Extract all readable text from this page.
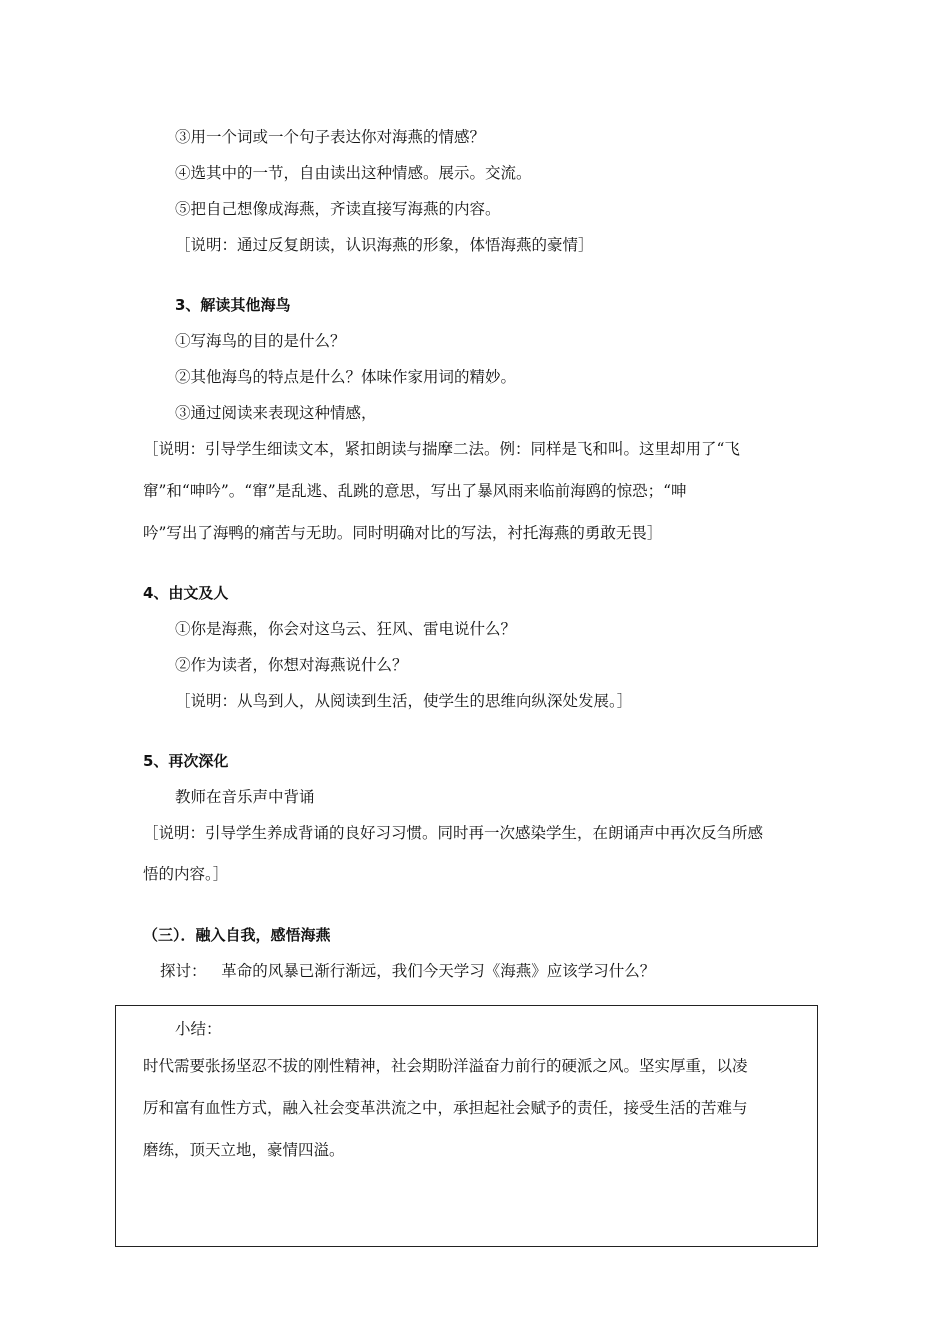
③用一个词或一个句子表达你对海燕的情感？
④选其中的一节，自由读出这种情感。展示。交流。
⑤把自己想像成海燕，齐读直接写海燕的内容。
［说明：通过反复朗读，认识海燕的形象，体悟海燕的豪情］
3、解读其他海鸟
①写海鸟的目的是什么？
②其他海鸟的特点是什么？体味作家用词的精妙。
③通过阅读来表现这种情感，
［说明：引导学生细读文本，紧扣朗读与揣摩二法。例：同样是飞和叫。这里却用了“飞
窜”和“呻吟”。“窜”是乱逃、乱跳的意思，写出了暴风雨来临前海鸥的惊恐；“呻
吟”写出了海鸭的痛苦与无助。同时明确对比的写法，衬托海燕的勇敢无畏］
4、由文及人
①你是海燕，你会对这乌云、狂风、雷电说什么？
②作为读者，你想对海燕说什么？
［说明：从鸟到人，从阅读到生活，使学生的思维向纵深处发展。］
5、再次深化
教师在音乐声中背诵
［说明：引导学生养成背诵的良好习习惯。同时再一次感染学生，在朗诵声中再次反刍所感
悟的内容。］
（三）．融入自我，感悟海燕
探讨：   革命的风暴已渐行渐远，我们今天学习《海燕》应该学习什么？
小结：
时代需要张扬坚忍不拔的刚性精神，社会期盼洋溢奋力前行的硬派之风。坚实厚重，以凌
厉和富有血性方式，融入社会变革洪流之中，承担起社会赋予的责任，接受生活的苦难与
磨练，顶天立地，豪情四溢。
